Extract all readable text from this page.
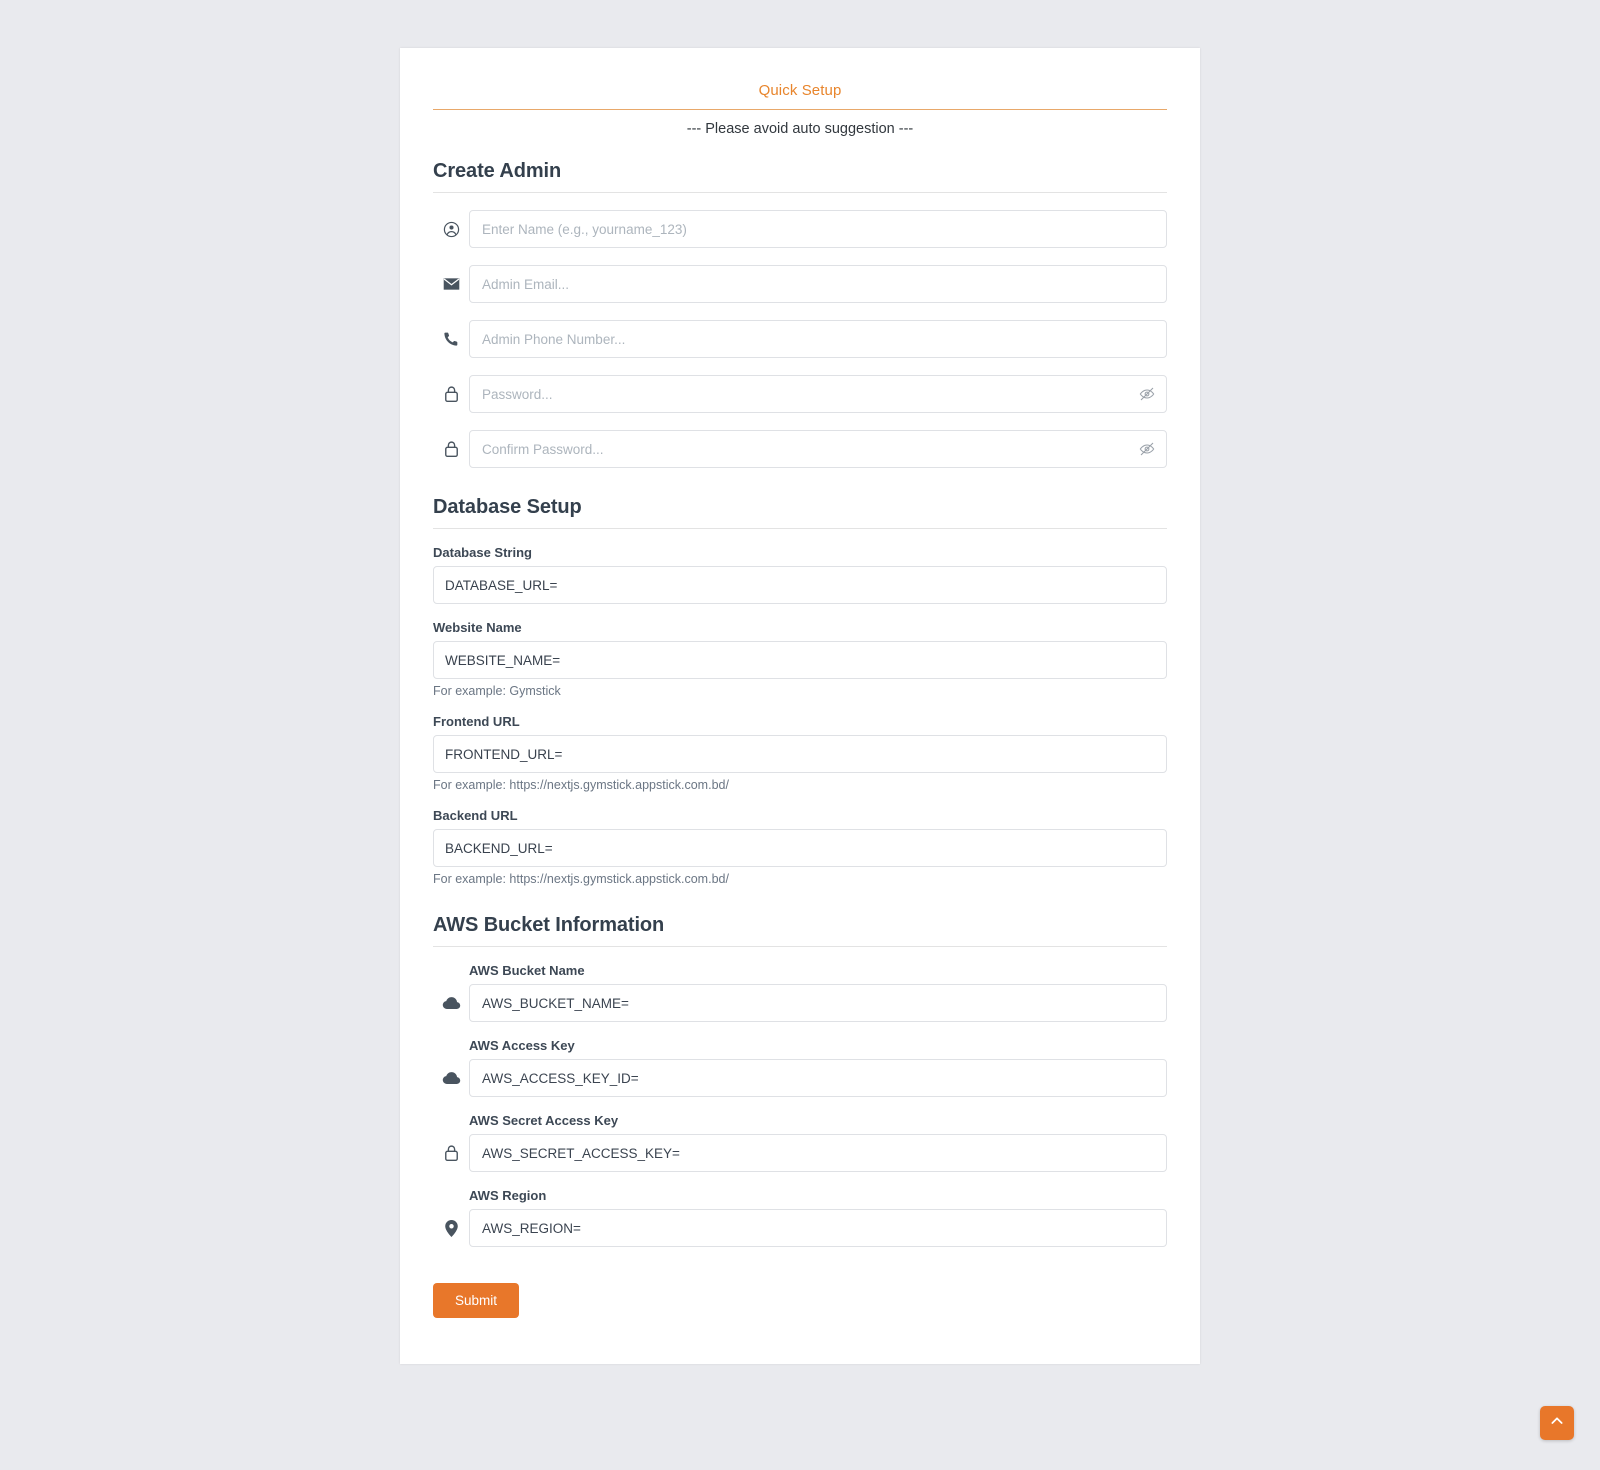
Quick Setup
--- Please avoid auto suggestion ---
Create Admin
Enter Name (e.g., yourname_123)
Admin Email...
Admin Phone Number...
Database Setup
Database String
DATABASE_URL=
Website Name
WEBSITE_NAME=
For example: Gymstick
Frontend URL
FRONTEND_URL=
For example: https://nextjs.gymstick.appstick.com.bd/
Backend URL
BACKEND_URL=
For example: https://nextjs.gymstick.appstick.com.bd/
AWS Bucket Information
AWS Bucket Name
AWS_BUCKET_NAME=
AWS Access Key
AWS_ACCESS_KEY_ID=
AWS Secret Access Key
AWS_SECRET_ACCESS_KEY=
AWS Region
AWS_REGION=
Submit
